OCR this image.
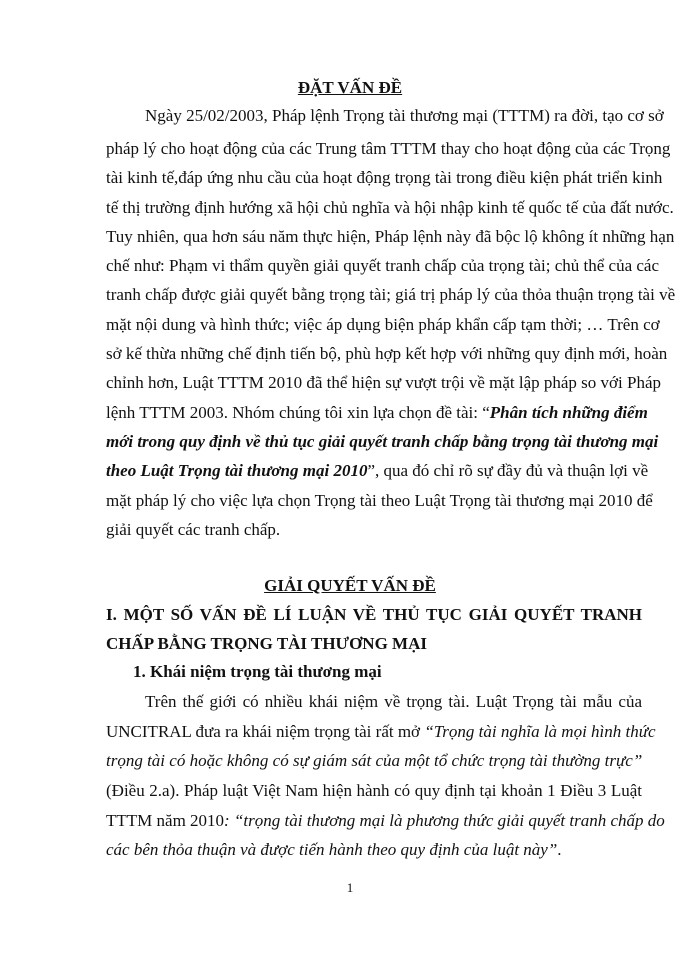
ĐẶT VẤN ĐỀ
Ngày 25/02/2003, Pháp lệnh Trọng tài thương mại (TTTM) ra đời, tạo cơ sở
pháp lý cho hoạt động của các Trung tâm TTTM thay cho hoạt động của các Trọng
tài kinh tế,đáp ứng nhu cầu của hoạt động trọng tài trong điều kiện phát triển kinh
tế thị trường định hướng xã hội chủ nghĩa và hội nhập kinh tế quốc tế của đất nước.
Tuy nhiên, qua hơn sáu năm thực hiện, Pháp lệnh này đã bộc lộ không ít những hạn
chế như: Phạm vi thẩm quyền giải quyết tranh chấp của trọng tài; chủ thể của các
tranh chấp được giải quyết bằng trọng tài; giá trị pháp lý của thỏa thuận trọng tài về
mặt nội dung và hình thức; việc áp dụng biện pháp khẩn cấp tạm thời; … Trên cơ
sở kế thừa những chế định tiến bộ, phù hợp kết hợp với những quy định mới, hoàn
chỉnh hơn, Luật TTTM 2010 đã thể hiện sự vượt trội về mặt lập pháp so với Pháp
lệnh TTTM 2003. Nhóm chúng tôi xin lựa chọn đề tài: “Phân tích những điểm
mới trong quy định về thủ tục giải quyết tranh chấp bằng trọng tài thương mại
theo Luật Trọng tài thương mại 2010”, qua đó chỉ rõ sự đầy đủ và thuận lợi về
mặt pháp lý cho việc lựa chọn Trọng tài theo Luật Trọng tài thương mại 2010 để
giải quyết các tranh chấp.
GIẢI QUYẾT VẤN ĐỀ
I. MỘT SỐ VẤN ĐỀ LÍ LUẬN VỀ THỦ TỤC GIẢI QUYẾT TRANH
CHẤP BẰNG TRỌNG TÀI THƯƠNG MẠI
1. Khái niệm trọng tài thương mại
Trên thế giới có nhiều khái niệm về trọng tài. Luật Trọng tài mẫu của
UNCITRAL đưa ra khái niệm trọng tài rất mở “Trọng tài nghĩa là mọi hình thức
trọng tài có hoặc không có sự giám sát của một tổ chức trọng tài thường trực”
(Điều 2.a). Pháp luật Việt Nam hiện hành có quy định tại khoản 1 Điều 3 Luật
TTTM năm 2010: “trọng tài thương mại là phương thức giải quyết tranh chấp do
các bên thỏa thuận và được tiến hành theo quy định của luật này”.
1
